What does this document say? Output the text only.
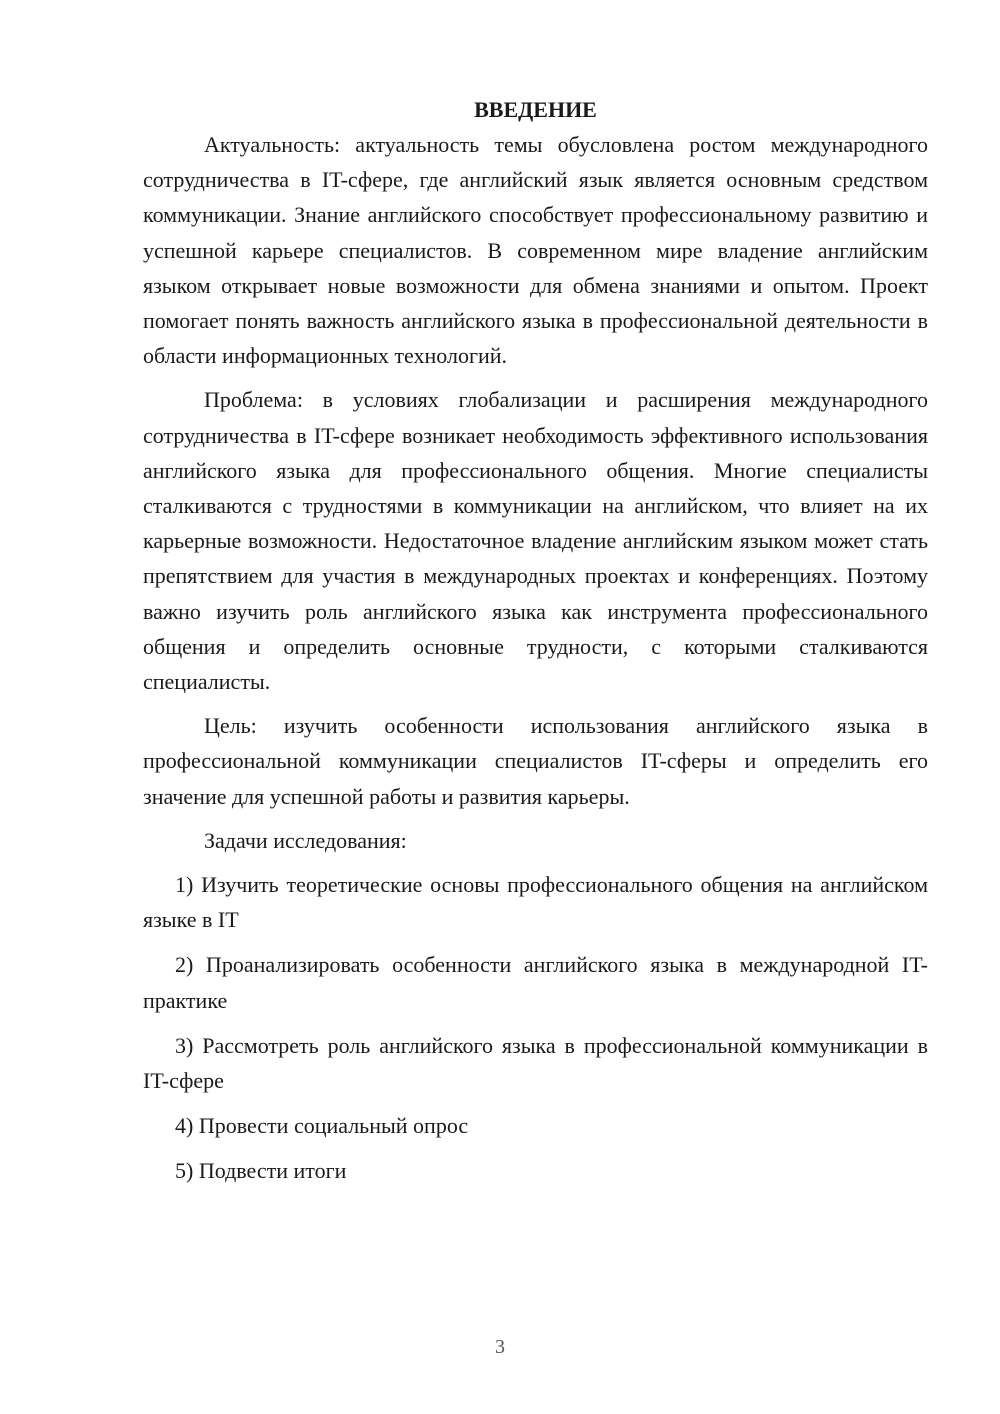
ВВЕДЕНИЕ

Актуальность: актуальность темы обусловлена ростом международного сотрудничества в IT-сфере, где английский язык является основным средством коммуникации. Знание английского способствует профессиональному развитию и успешной карьере специалистов. В современном мире владение английским языком открывает новые возможности для обмена знаниями и опытом. Проект помогает понять важность английского языка в профессиональной деятельности в области информационных технологий.

Проблема: в условиях глобализации и расширения международного сотрудничества в IT-сфере возникает необходимость эффективного использования английского языка для профессионального общения. Многие специалисты сталкиваются с трудностями в коммуникации на английском, что влияет на их карьерные возможности. Недостаточное владение английским языком может стать препятствием для участия в международных проектах и конференциях. Поэтому важно изучить роль английского языка как инструмента профессионального общения и определить основные трудности, с которыми сталкиваются специалисты.

Цель: изучить особенности использования английского языка в профессиональной коммуникации специалистов IT-сферы и определить его значение для успешной работы и развития карьеры.

Задачи исследования:

1) Изучить теоретические основы профессионального общения на английском языке в IT

2) Проанализировать особенности английского языка в международной IT-практике

3) Рассмотреть роль английского языка в профессиональной коммуникации в IT-сфере

4) Провести социальный опрос

5) Подвести итоги

3
